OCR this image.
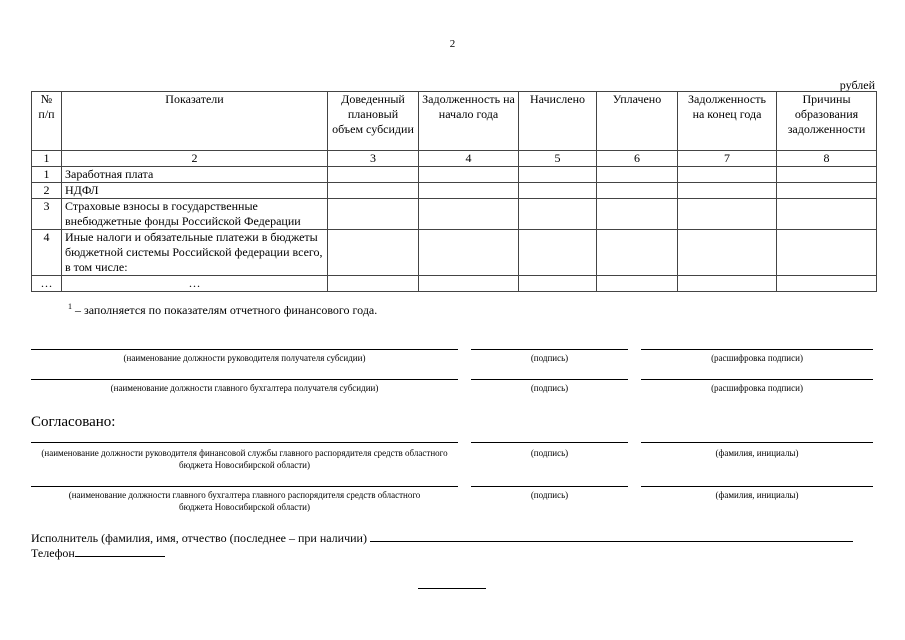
2
рублей
№ п/п	Показатели	Доведенный плановый объем субсидии	Задолженность на начало года	Начислено	Уплачено	Задолженность на конец года	Причины образования задолженности
1	2	3	4	5	6	7	8
1	Заработная плата						
2	НДФЛ						
3	Страховые взносы в государственные внебюджетные фонды Российской Федерации						
4	Иные налоги и обязательные платежи в бюджеты бюджетной системы Российской федерации всего, в том числе:						
…	…						
$^1$ – заполняется по показателям отчетного финансового года.
(наименование должности руководителя получателя субсидии)	(подпись)	(расшифровка подписи)
(наименование должности главного бухгалтера получателя субсидии)	(подпись)	(расшифровка подписи)
Согласовано:
(наименование должности руководителя финансовой службы главного распорядителя средств областного бюджета Новосибирской области)
(подпись)	(фамилия, инициалы)
(наименование должности главного бухгалтера главного распорядителя средств областного бюджета Новосибирской области)
(подпись)	(фамилия, инициалы)
Исполнитель (фамилия, имя, отчество (последнее – при наличии)
Телефон
